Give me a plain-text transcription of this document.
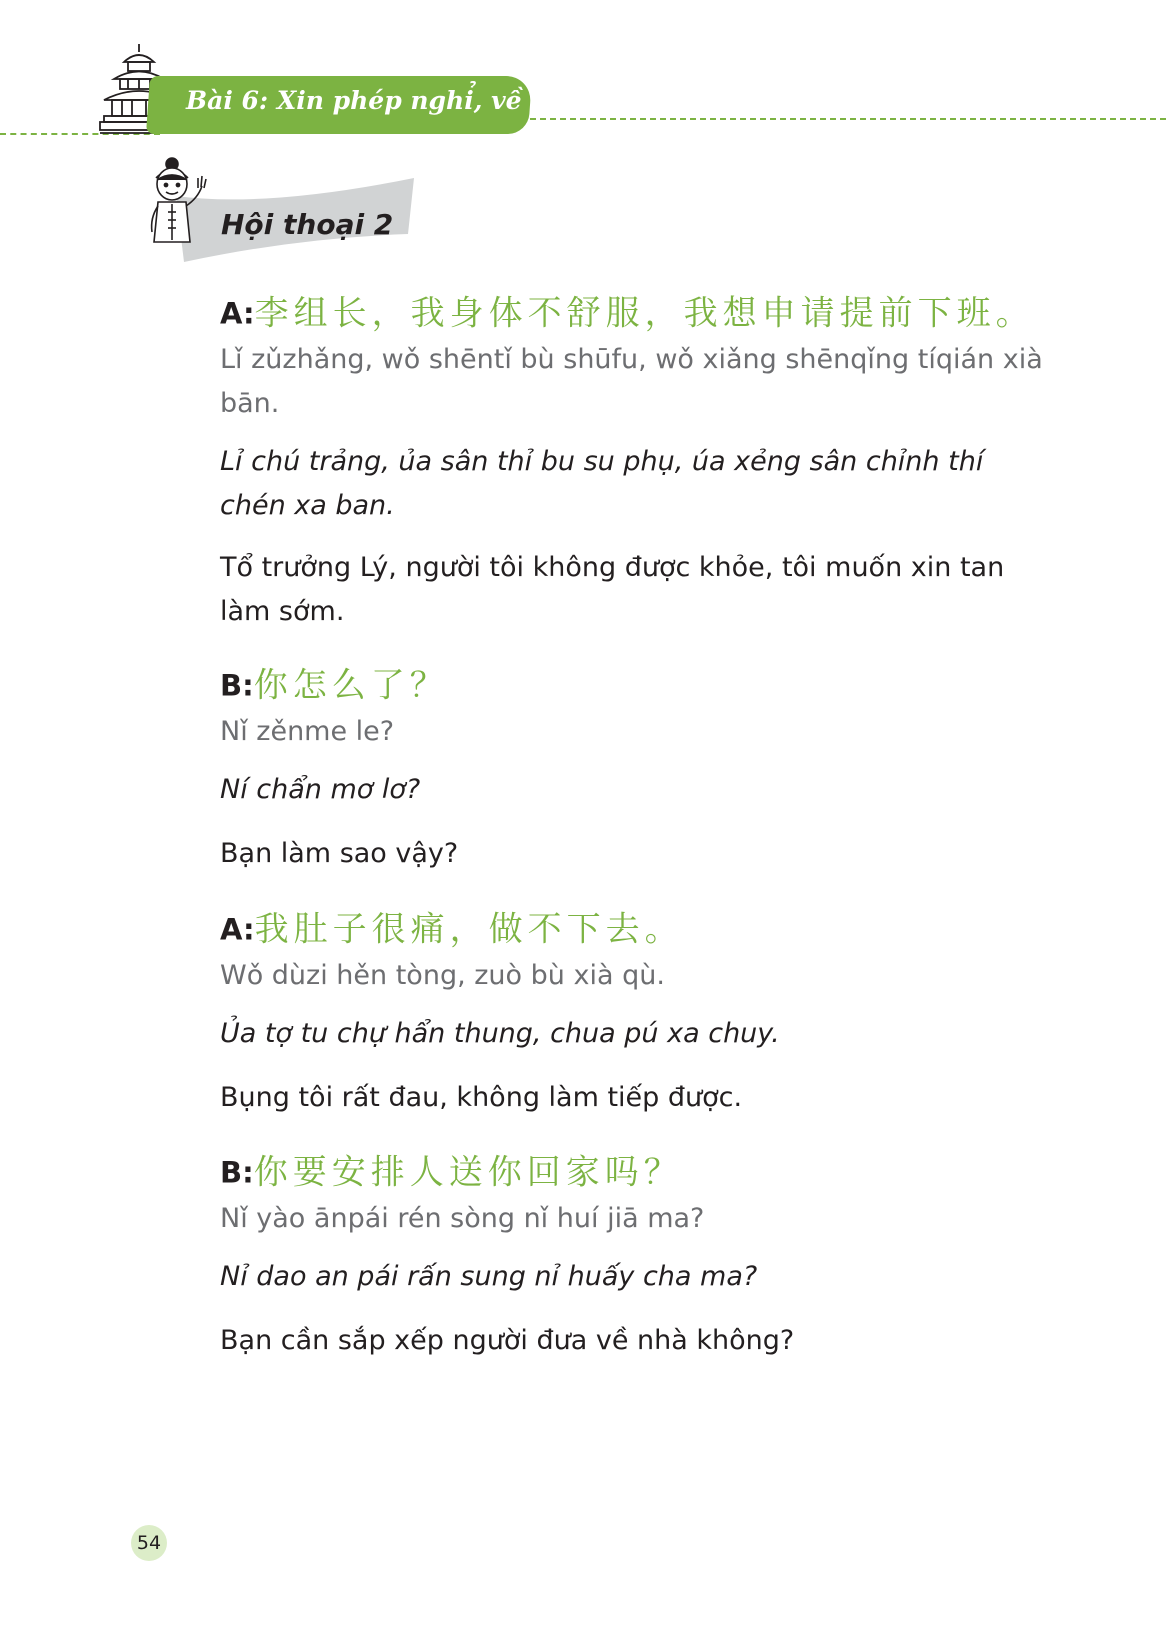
Bài 6: Xin phép nghỉ, về sớm
Hội thoại 2

A:李组长，我身体不舒服，我想申请提前下班。

Lǐ zǔzhǎng, wǒ shēntǐ bù shūfu, wǒ xiǎng shēnqǐng tíqián xià bān.

Lỉ chú trảng, ủa sân thỉ bu su phụ, úa xẻng sân chỉnh thí chén xa ban.

Tổ trưởng Lý, người tôi không được khỏe, tôi muốn xin tan làm sớm.

B:你怎么了？

Nǐ zěnme le?

Ní chẩn mơ lơ?

Bạn làm sao vậy?

A:我肚子很痛，做不下去。

Wǒ dùzi hěn tòng, zuò bù xià qù.

Ủa tợ tu chự hẩn thung, chua pú xa chuy.

Bụng tôi rất đau, không làm tiếp được.

B:你要安排人送你回家吗？

Nǐ yào ānpái rén sòng nǐ huí jiā ma?

Nỉ dao an pái rấn sung nỉ huấy cha ma?

Bạn cần sắp xếp người đưa về nhà không?

54
